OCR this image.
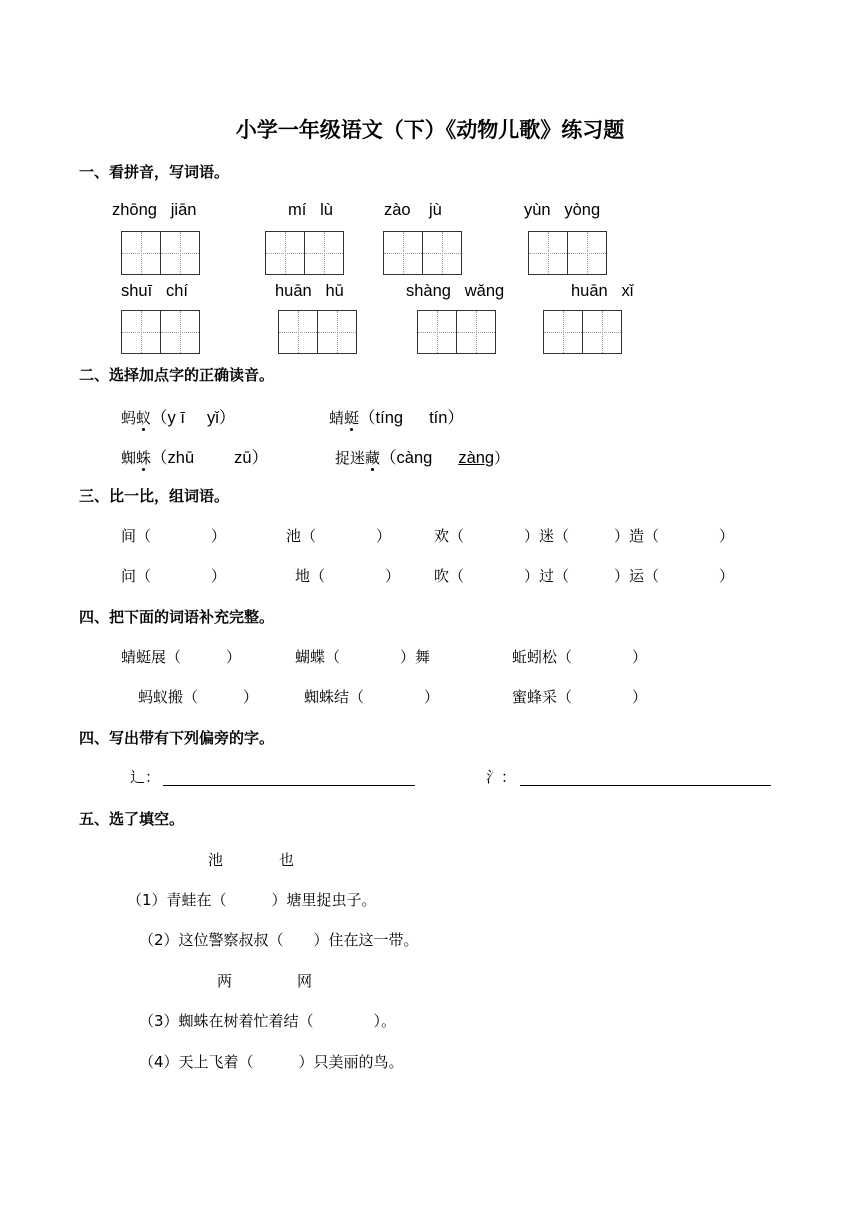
小学一年级语文（下）《动物儿歌》练习题
一、看拼音，写词语。
zhōng jiān	mí lù	zào jù	yùn yòng
shuī chí	huān hū	shàng wǎng	huān xǐ
二、选择加点字的正确读音。
蚂蚁（y ī yǐ）	蜻蜓（tíng tín）
蜘蛛（zhū zū）	捉迷藏（càng zàng）
三、比一比，组词语。
间（　　　　）	池（　　　　）	欢（　　　　）迷（　　　）造（　　　　）
问（　　　　）	地（　　　　） 吹（　　　　）过（　　　）运（　　　　）
四、把下面的词语补充完整。
蜻蜓展（　　　）	蝴蝶（　　　　）舞	蚯蚓松（　　　　）
蚂蚁搬（　　　）	蜘蛛结（　　　　）	蜜蜂采（　　　　）
四、写出带有下列偏旁的字。
辶：	氵：
五、选了填空。
池	也
（1）青蛙在（　　　）塘里捉虫子。
（2）这位警察叔叔（　　）住在这一带。
两	网
（3）蜘蛛在树着忙着结（　　　　）。
（4）天上飞着（　　　）只美丽的鸟。
